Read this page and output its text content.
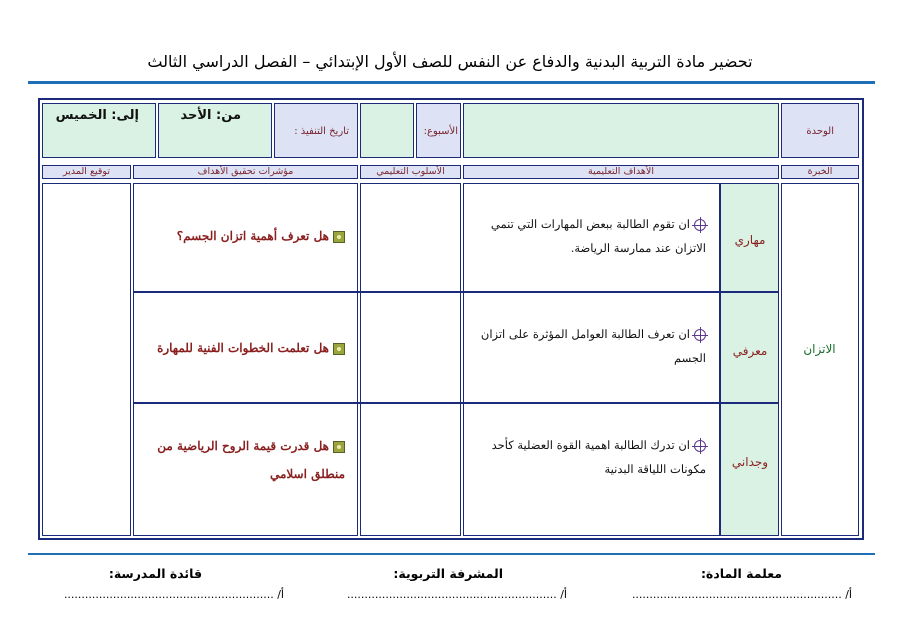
تحضير مادة التربية البدنية والدفاع عن النفس للصف الأول الإبتدائي – الفصل الدراسي الثالث
الوحدة
الأسبوع:
تاريخ التنفيذ :
من: الأحد
إلى: الخميس
الخبرة
الأهداف التعليمية
الأسلوب التعليمي
مؤشرات تحقيق الأهداف
توقيع المدير
الاتزان
مهاري
ان تقوم الطالبة ببعض المهارات التي تنمي
الاتزان عند ممارسة الرياضة.
هل تعرف أهمية اتزان الجسم؟
معرفي
ان تعرف الطالبة العوامل المؤثرة على اتزان
الجسم
هل تعلمت الخطوات الفنية للمهارة
وجداني
ان تدرك الطالبة اهمية القوة العضلية كأحد
مكونات اللياقة البدنية
هل قدرت قيمة الروح الرياضية من
منطلق اسلامي
معلمة المادة:
المشرفة التربوية:
قائدة المدرسة:
أ/ ............................................................
أ/ ............................................................
أ/ ............................................................
